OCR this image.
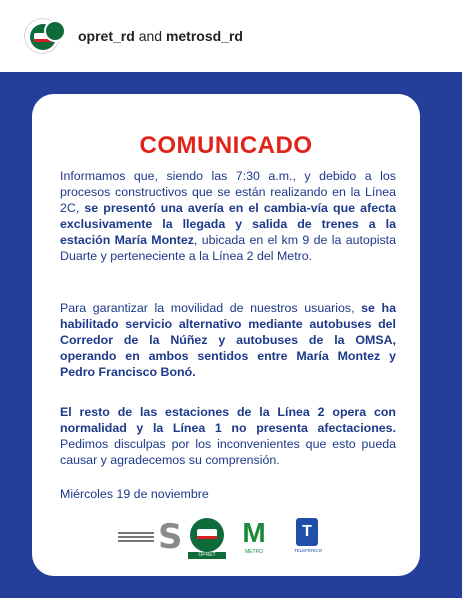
opret_rd and metrosd_rd
COMUNICADO

Informamos que, siendo las 7:30 a.m., y debido a los procesos constructivos que se están realizando en la Línea 2C, se presentó una avería en el cambia-vía que afecta exclusivamente la llegada y salida de trenes a la estación María Montez, ubicada en el km 9 de la autopista Duarte y perteneciente a la Línea 2 del Metro.

Para garantizar la movilidad de nuestros usuarios, se ha habilitado servicio alternativo mediante autobuses del Corredor de la Núñez y autobuses de la OMSA, operando en ambos sentidos entre María Montez y Pedro Francisco Bonó.

El resto de las estaciones de la Línea 2 opera con normalidad y la Línea 1 no presenta afectaciones. Pedimos disculpas por los inconvenientes que esto pueda causar y agradecemos su comprensión.

Miércoles 19 de noviembre
S	OPRET
M
METRO
T
TELEFÉRICO
